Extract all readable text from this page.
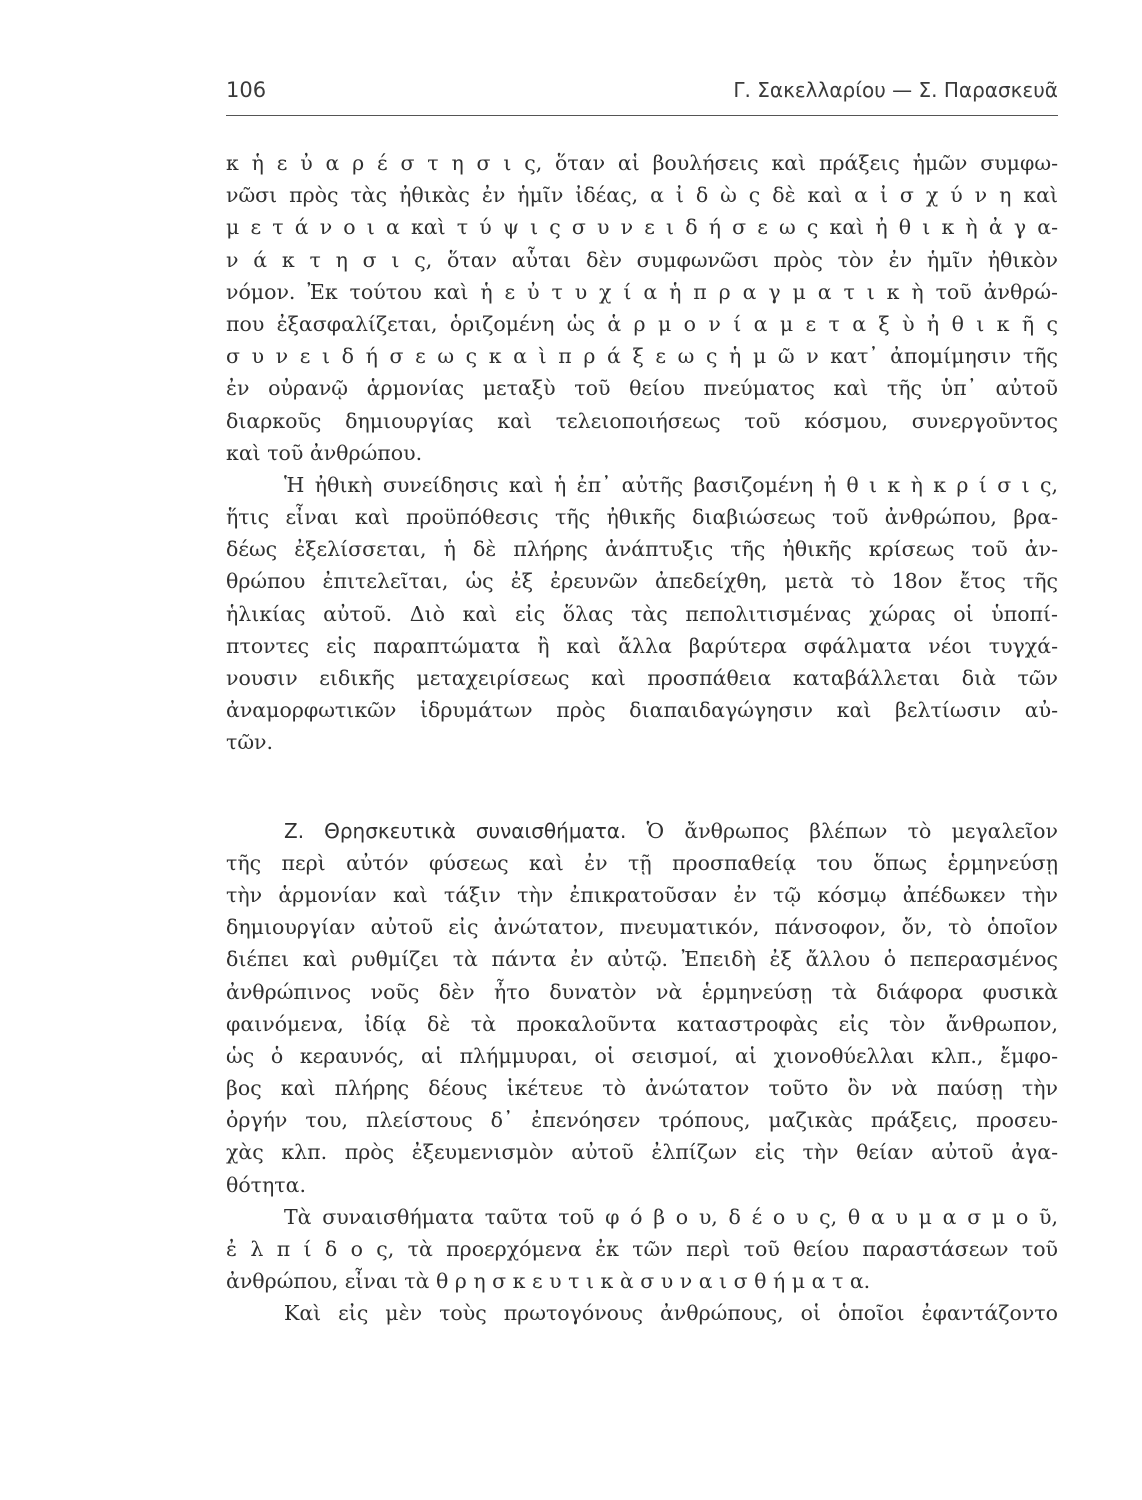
106	Γ. Σακελλαρίου — Σ. Παρασκευᾶ
κ ἡ ε ὐ α ρ έ σ τ η σ ι ς, ὅταν αἱ βουλήσεις καὶ πράξεις ἡμῶν συμφω-
νῶσι πρὸς τὰς ἠθικὰς ἐν ἡμῖν ἰδέας, α ἰ δ ὼ ς δὲ καὶ α ἰ σ χ ύ ν η καὶ
μ ε τ ά ν ο ι α καὶ τ ύ ψ ι ς σ υ ν ε ι δ ή σ ε ω ς καὶ ἠ θ ι κ ὴ ἀ γ α-
ν ά κ τ η σ ι ς, ὅταν αὗται δὲν συμφωνῶσι πρὸς τὸν ἐν ἡμῖν ἠθικὸν
νόμον. Ἐκ τούτου καὶ ἡ ε ὐ τ υ χ ί α ἡ π ρ α γ μ α τ ι κ ὴ τοῦ ἀνθρώ-
που ἐξασφαλίζεται, ὁριζομένη ὡς ἁ ρ μ ο ν ί α μ ε τ α ξ ὺ ἠ θ ι κ ῆ ς
σ υ ν ε ι δ ή σ ε ω ς κ α ὶ π ρ ά ξ ε ω ς ἡ μ ῶ ν κατ᾽ ἀπομίμησιν τῆς
ἐν οὐρανῷ ἁρμονίας μεταξὺ τοῦ θείου πνεύματος καὶ τῆς ὑπ᾽ αὐτοῦ
διαρκοῦς δημιουργίας καὶ τελειοποιήσεως τοῦ κόσμου, συνεργοῦντος
καὶ τοῦ ἀνθρώπου.
Ἡ ἠθικὴ συνείδησις καὶ ἡ ἐπ᾽ αὐτῆς βασιζομένη ἠ θ ι κ ὴ κ ρ ί σ ι ς,
ἥτις εἶναι καὶ προϋπόθεσις τῆς ἠθικῆς διαβιώσεως τοῦ ἀνθρώπου, βρα-
δέως ἐξελίσσεται, ἡ δὲ πλήρης ἀνάπτυξις τῆς ἠθικῆς κρίσεως τοῦ ἀν-
θρώπου ἐπιτελεῖται, ὡς ἐξ ἐρευνῶν ἀπεδείχθη, μετὰ τὸ 18ον ἔτος τῆς
ἡλικίας αὐτοῦ. Διὸ καὶ εἰς ὅλας τὰς πεπολιτισμένας χώρας οἱ ὑποπί-
πτοντες εἰς παραπτώματα ἢ καὶ ἄλλα βαρύτερα σφάλματα νέοι τυγχά-
νουσιν ειδικῆς μεταχειρίσεως καὶ προσπάθεια καταβάλλεται διὰ τῶν
ἀναμορφωτικῶν ἱδρυμάτων πρὸς διαπαιδαγώγησιν καὶ βελτίωσιν αὐ-
τῶν.
Ζ. Θρησκευτικὰ συναισθήματα. Ὁ ἄνθρωπος βλέπων τὸ μεγαλεῖον
τῆς περὶ αὐτόν φύσεως καὶ ἐν τῇ προσπαθείᾳ του ὅπως ἑρμηνεύσῃ
τὴν ἁρμονίαν καὶ τάξιν τὴν ἐπικρατοῦσαν ἐν τῷ κόσμῳ ἀπέδωκεν τὴν
δημιουργίαν αὐτοῦ εἰς ἀνώτατον, πνευματικόν, πάνσοφον, ὄν, τὸ ὁποῖον
διέπει καὶ ρυθμίζει τὰ πάντα ἐν αὐτῷ. Ἐπειδὴ ἐξ ἄλλου ὁ πεπερασμένος
ἀνθρώπινος νοῦς δὲν ἦτο δυνατὸν νὰ ἑρμηνεύσῃ τὰ διάφορα φυσικὰ
φαινόμενα, ἰδίᾳ δὲ τὰ προκαλοῦντα καταστροφὰς εἰς τὸν ἄνθρωπον,
ὡς ὁ κεραυνός, αἱ πλήμμυραι, οἱ σεισμοί, αἱ χιονοθύελλαι κλπ., ἔμφο-
βος καὶ πλήρης δέους ἱκέτευε τὸ ἀνώτατον τοῦτο ὂν νὰ παύσῃ τὴν
ὀργήν του, πλείστους δ᾽ ἐπενόησεν τρόπους, μαζικὰς πράξεις, προσευ-
χὰς κλπ. πρὸς ἐξευμενισμὸν αὐτοῦ ἐλπίζων εἰς τὴν θείαν αὐτοῦ ἀγα-
θότητα.
Τὰ συναισθήματα ταῦτα τοῦ φ ό β ο υ, δ έ ο υ ς, θ α υ μ α σ μ ο ῦ,
ἐ λ π ί δ ο ς, τὰ προερχόμενα ἐκ τῶν περὶ τοῦ θείου παραστάσεων τοῦ
ἀνθρώπου, εἶναι τὰ θ ρ η σ κ ε υ τ ι κ ὰ σ υ ν α ι σ θ ή μ α τ α.
Καὶ εἰς μὲν τοὺς πρωτογόνους ἀνθρώπους, οἱ ὁποῖοι ἐφαντάζοντο
